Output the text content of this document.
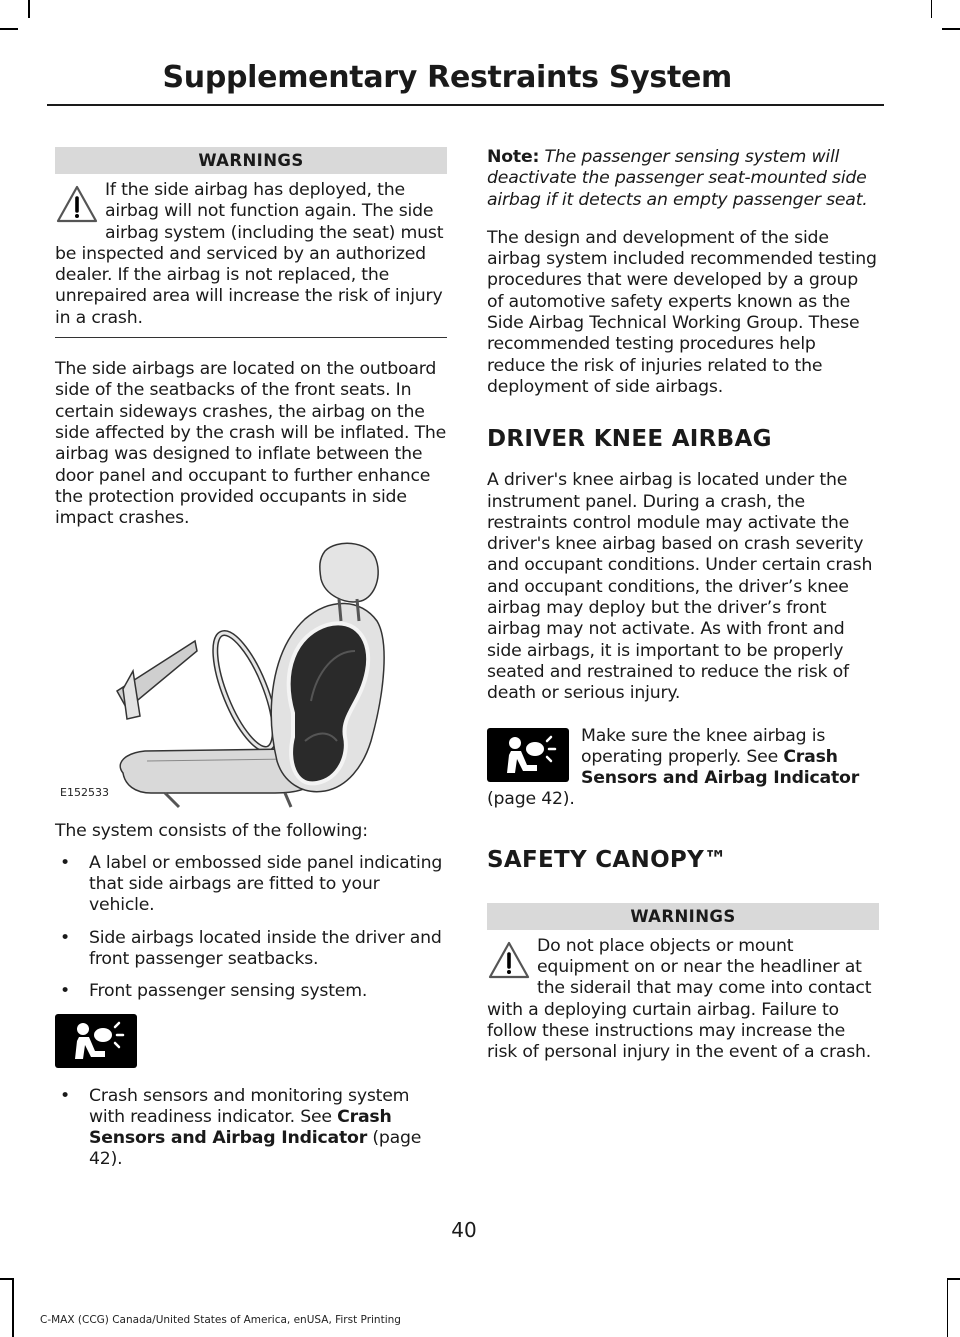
Supplementary Restraints System
WARNINGS

If the side airbag has deployed, the airbag will not function again. The side airbag system (including the seat) must be inspected and serviced by an authorized dealer. If the airbag is not replaced, the unrepaired area will increase the risk of injury in a crash.

The side airbags are located on the outboard side of the seatbacks of the front seats. In certain sideways crashes, the airbag on the side affected by the crash will be inflated. The airbag was designed to inflate between the door panel and occupant to further enhance the protection provided occupants in side impact crashes.

E152533

The system consists of the following:

• A label or embossed side panel indicating that side airbags are fitted to your vehicle.
• Side airbags located inside the driver and front passenger seatbacks.
• Front passenger sensing system.
• Crash sensors and monitoring system with readiness indicator. See Crash Sensors and Airbag Indicator (page 42).

Note: The passenger sensing system will deactivate the passenger seat-mounted side airbag if it detects an empty passenger seat.

The design and development of the side airbag system included recommended testing procedures that were developed by a group of automotive safety experts known as the Side Airbag Technical Working Group. These recommended testing procedures help reduce the risk of injuries related to the deployment of side airbags.

DRIVER KNEE AIRBAG

A driver's knee airbag is located under the instrument panel. During a crash, the restraints control module may activate the driver's knee airbag based on crash severity and occupant conditions. Under certain crash and occupant conditions, the driver’s knee airbag may deploy but the driver’s front airbag may not activate. As with front and side airbags, it is important to be properly seated and restrained to reduce the risk of death or serious injury.

Make sure the knee airbag is operating properly. See Crash Sensors and Airbag Indicator (page 42).

SAFETY CANOPY™
WARNINGS

Do not place objects or mount equipment on or near the headliner at the siderail that may come into contact with a deploying curtain airbag. Failure to follow these instructions may increase the risk of personal injury in the event of a crash.

40
C-MAX (CCG) Canada/United States of America, enUSA, First Printing
